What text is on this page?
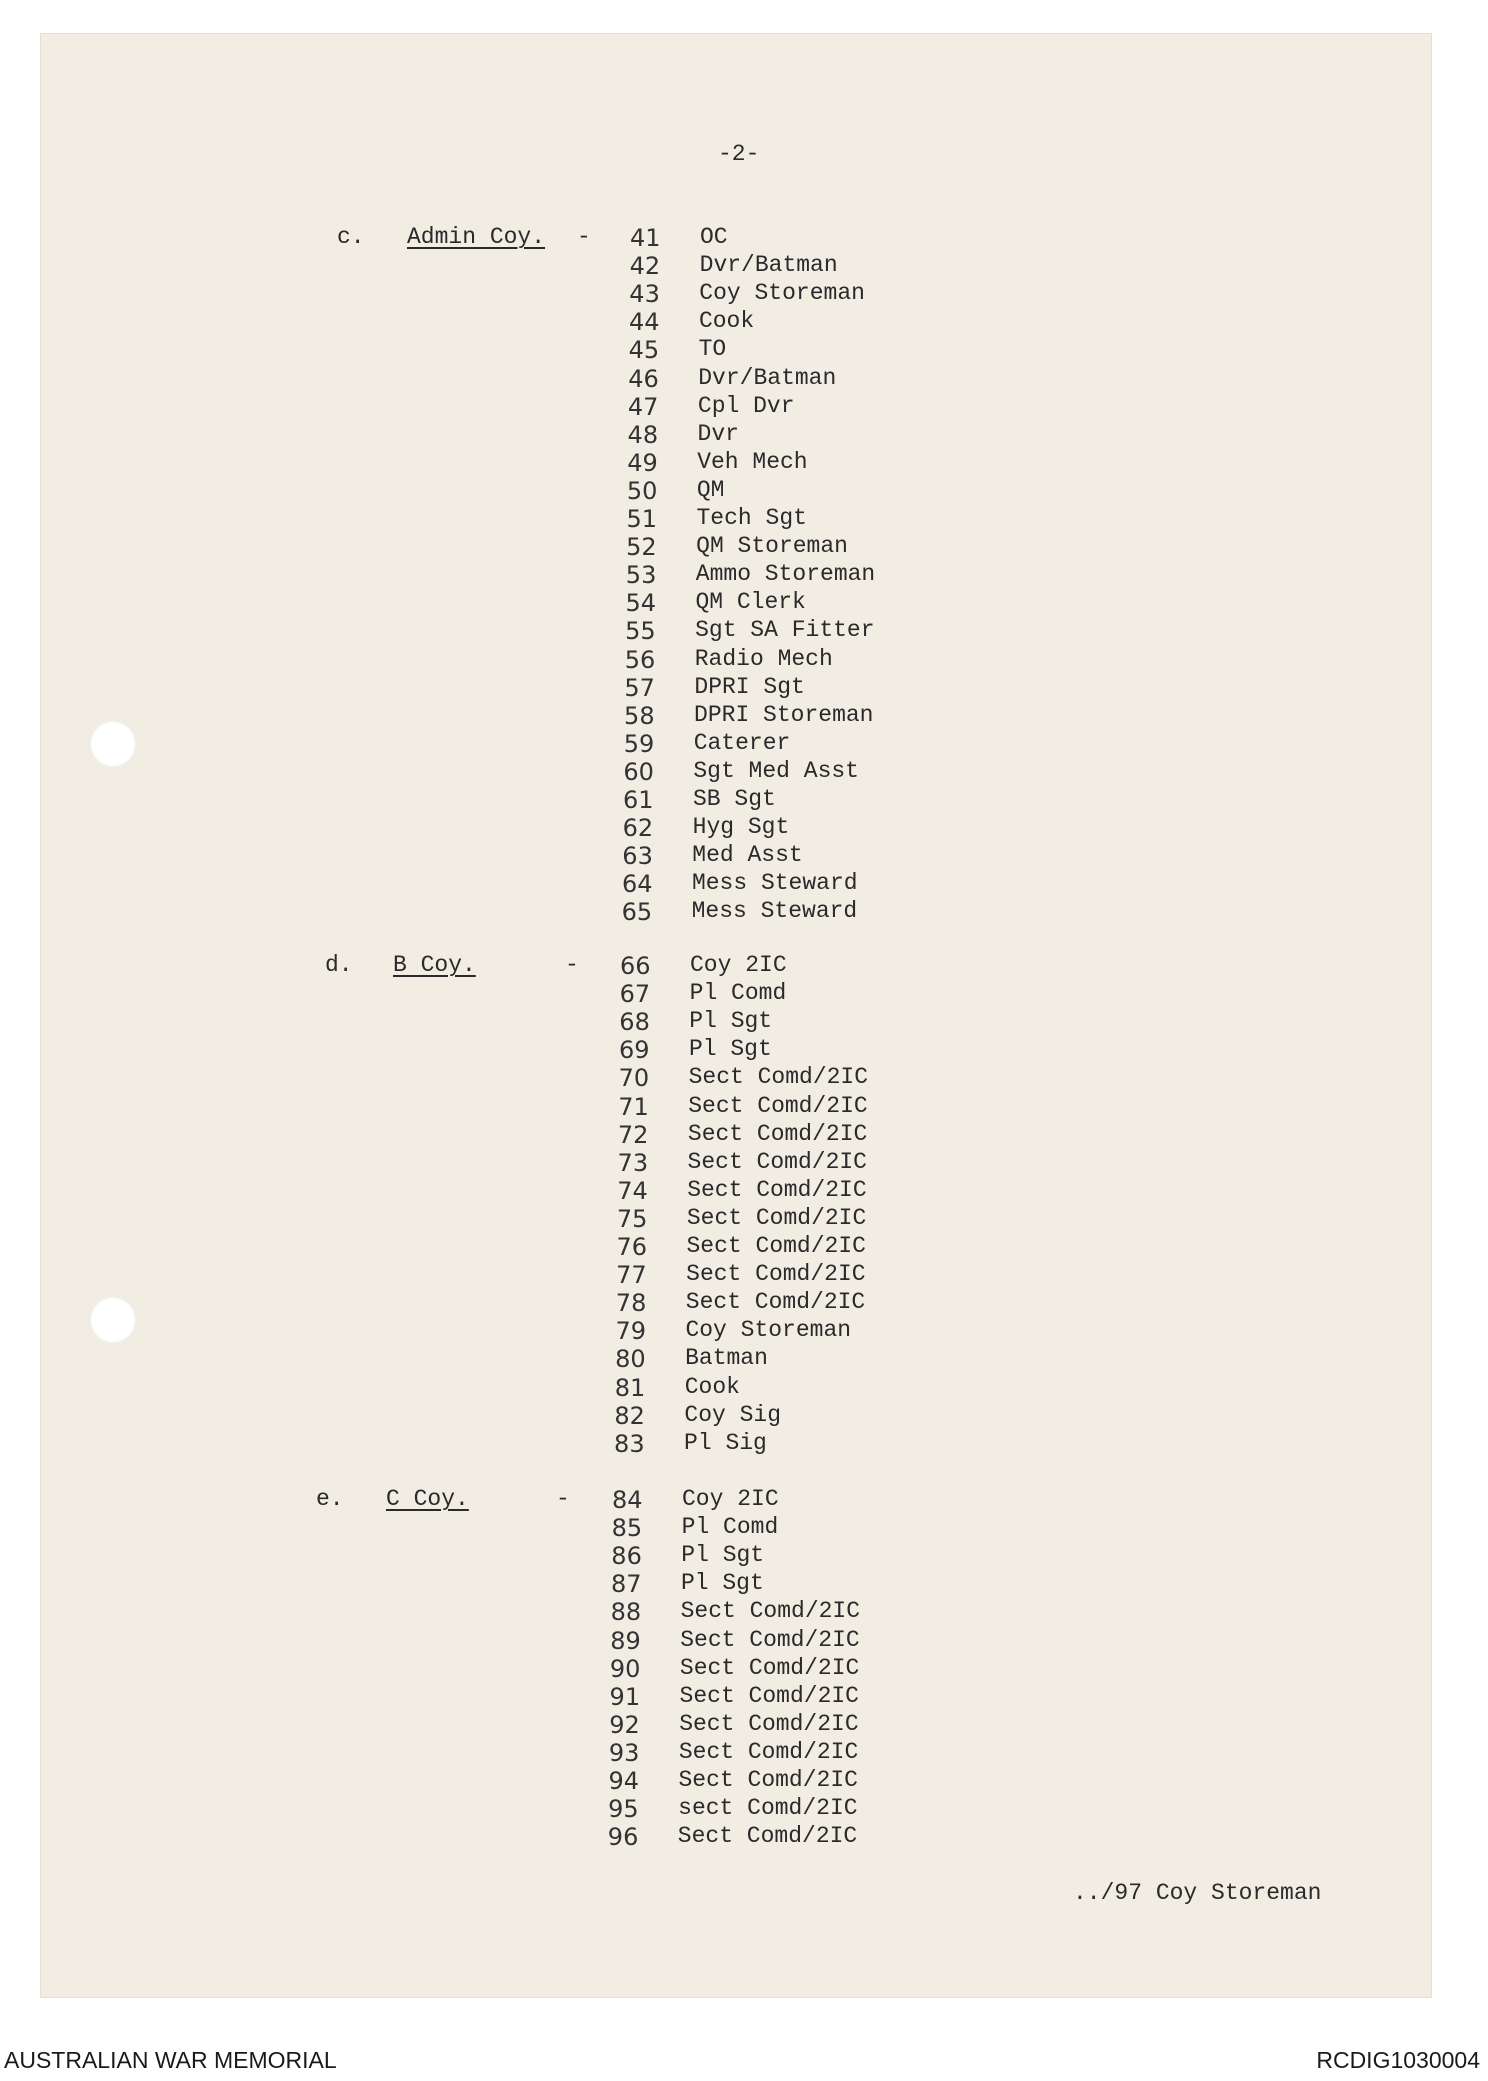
-2-
c. Admin Coy. - 41 OC
42 Dvr/Batman
43 Coy Storeman
44 Cook
45 TO
46 Dvr/Batman
47 Cpl Dvr
48 Dvr
49 Veh Mech
50 QM
51 Tech Sgt
52 QM Storeman
53 Ammo Storeman
54 QM Clerk
55 Sgt SA Fitter
56 Radio Mech
57 DPRI Sgt
58 DPRI Storeman
59 Caterer
60 Sgt Med Asst
61 SB Sgt
62 Hyg Sgt
63 Med Asst
64 Mess Steward
65 Mess Steward
d. B Coy.	- 66 Coy 2IC
67 Pl Comd
68 Pl Sgt
69 Pl Sgt
70 Sect Comd/2IC
71 Sect Comd/2IC
72 Sect Comd/2IC
73 Sect Comd/2IC
74 Sect Comd/2IC
75 Sect Comd/2IC
76 Sect Comd/2IC
77 Sect Comd/2IC
78 Sect Comd/2IC
79 Coy Storeman
80 Batman
81 Cook
82 Coy Sig
83 Pl Sig
e. C Coy.	- 84 Coy 2IC
85 Pl Comd
86 Pl Sgt
87 Pl Sgt
88 Sect Comd/2IC
89 Sect Comd/2IC
90 Sect Comd/2IC
91 Sect Comd/2IC
92 Sect Comd/2IC
93 Sect Comd/2IC
94 Sect Comd/2IC
95 sect Comd/2IC
96 Sect Comd/2IC
../97 Coy Storeman
AUSTRALIAN WAR MEMORIAL	RCDIG1030004
